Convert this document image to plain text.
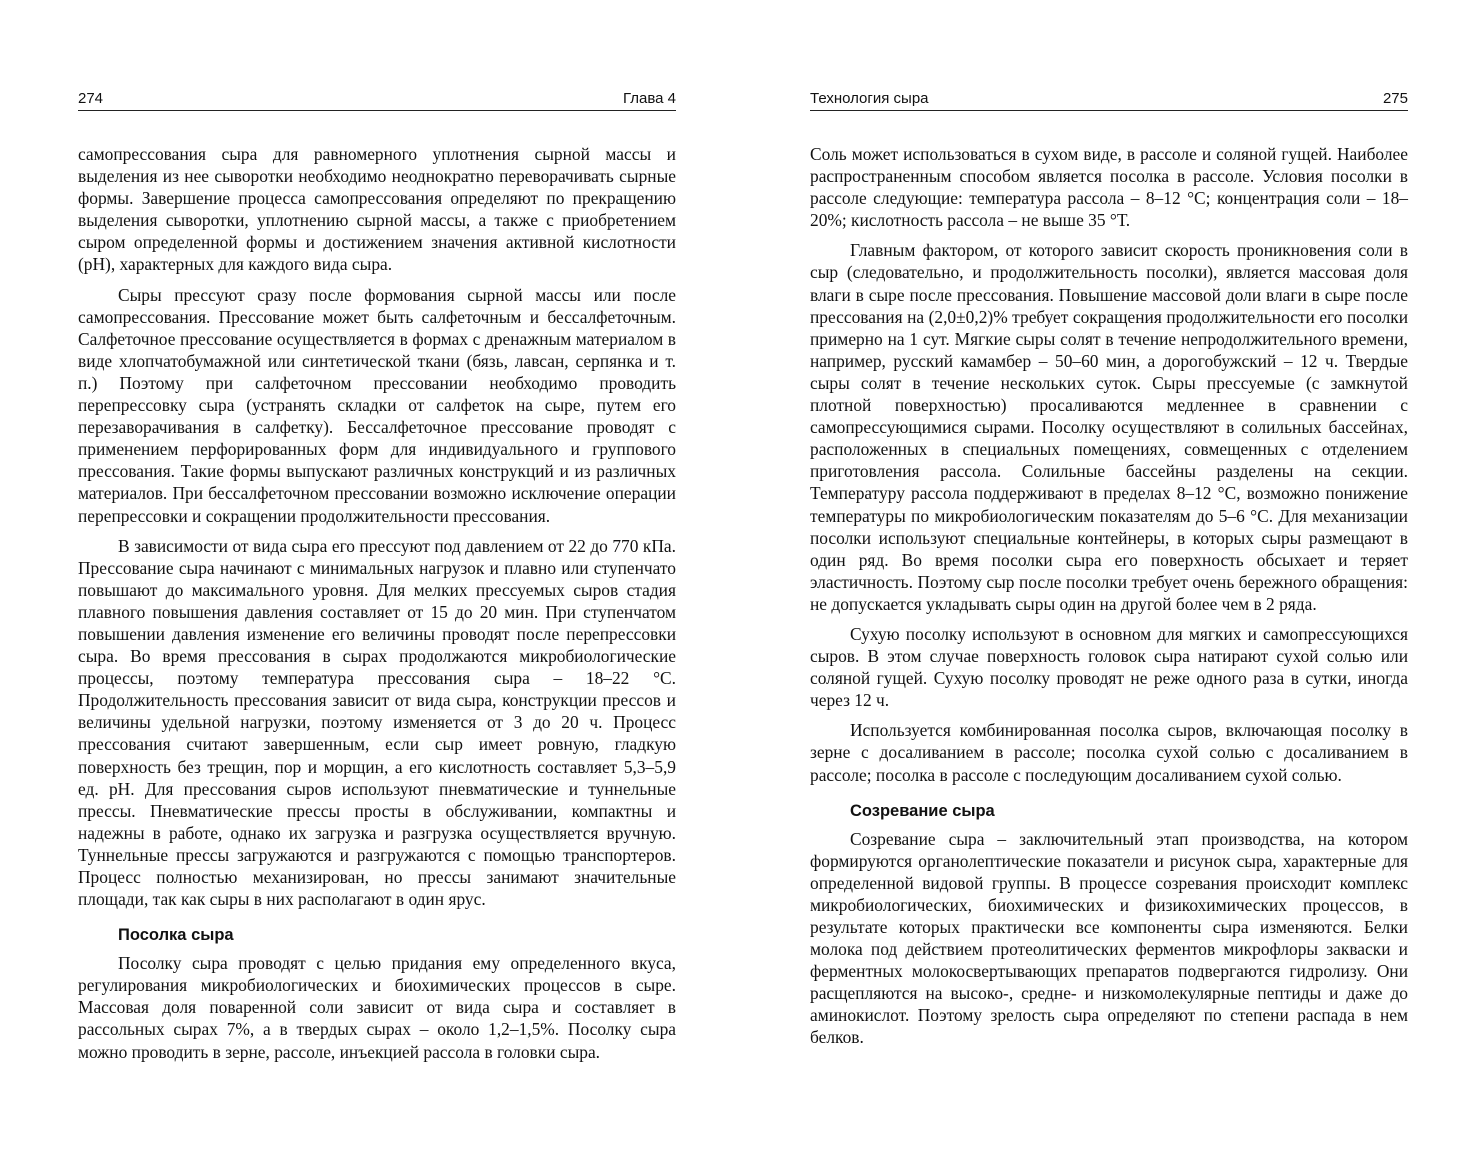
274	Глава 4

самопрессования сыра для равномерного уплотнения сырной массы и выделения из нее сыворотки необходимо неоднократно переворачивать сырные формы. Завершение процесса самопрессования определяют по прекращению выделения сыворотки, уплотнению сырной массы, а также с приобретением сыром определенной формы и достижением значения активной кислотности (pH), характерных для каждого вида сыра.

Сыры прессуют сразу после формования сырной массы или после самопрессования. Прессование может быть салфеточным и бессалфеточным. Салфеточное прессование осуществляется в формах с дренажным материалом в виде хлопчатобумажной или синтетической ткани (бязь, лавсан, серпянка и т. п.) Поэтому при салфеточном прессовании необходимо проводить перепрессовку сыра (устранять складки от салфеток на сыре, путем его перезаворачивания в салфетку). Бессалфеточное прессование проводят с применением перфорированных форм для индивидуального и группового прессования. Такие формы выпускают различных конструкций и из различных материалов. При бессалфеточном прессовании возможно исключение операции перепрессовки и сокращении продолжительности прессования.

В зависимости от вида сыра его прессуют под давлением от 22 до 770 кПа. Прессование сыра начинают с минимальных нагрузок и плавно или ступенчато повышают до максимального уровня. Для мелких прессуемых сыров стадия плавного повышения давления составляет от 15 до 20 мин. При ступенчатом повышении давления изменение его величины проводят после перепрессовки сыра. Во время прессования в сырах продолжаются микробиологические процессы, поэтому температура прессования сыра – 18–22 °С. Продолжительность прессования зависит от вида сыра, конструкции прессов и величины удельной нагрузки, поэтому изменяется от 3 до 20 ч. Процесс прессования считают завершенным, если сыр имеет ровную, гладкую поверхность без трещин, пор и морщин, а его кислотность составляет 5,3–5,9 ед. pH. Для прессования сыров используют пневматические и туннельные прессы. Пневматические прессы просты в обслуживании, компактны и надежны в работе, однако их загрузка и разгрузка осуществляется вручную. Туннельные прессы загружаются и разгружаются с помощью транспортеров. Процесс полностью механизирован, но прессы занимают значительные площади, так как сыры в них располагают в один ярус.

Посолка сыра

Посолку сыра проводят с целью придания ему определенного вкуса, регулирования микробиологических и биохимических процессов в сыре. Массовая доля поваренной соли зависит от вида сыра и составляет в рассольных сырах 7%, а в твердых сырах – около 1,2–1,5%. Посолку сыра можно проводить в зерне, рассоле, инъекцией рассола в головки сыра.

Технология сыра	275

Соль может использоваться в сухом виде, в рассоле и соляной гущей. Наиболее распространенным способом является посолка в рассоле. Условия посолки в рассоле следующие: температура рассола – 8–12 °С; концентрация соли – 18–20%; кислотность рассола – не выше 35 °Т.

Главным фактором, от которого зависит скорость проникновения соли в сыр (следовательно, и продолжительность посолки), является массовая доля влаги в сыре после прессования. Повышение массовой доли влаги в сыре после прессования на (2,0±0,2)% требует сокращения продолжительности его посолки примерно на 1 сут. Мягкие сыры солят в течение непродолжительного времени, например, русский камамбер – 50–60 мин, а дорогобужский – 12 ч. Твердые сыры солят в течение нескольких суток. Сыры прессуемые (с замкнутой плотной поверхностью) просаливаются медленнее в сравнении с самопрессующимися сырами. Посолку осуществляют в солильных бассейнах, расположенных в специальных помещениях, совмещенных с отделением приготовления рассола. Солильные бассейны разделены на секции. Температуру рассола поддерживают в пределах 8–12 °С, возможно понижение температуры по микробиологическим показателям до 5–6 °С. Для механизации посолки используют специальные контейнеры, в которых сыры размещают в один ряд. Во время посолки сыра его поверхность обсыхает и теряет эластичность. Поэтому сыр после посолки требует очень бережного обращения: не допускается укладывать сыры один на другой более чем в 2 ряда.

Сухую посолку используют в основном для мягких и самопрессующихся сыров. В этом случае поверхность головок сыра натирают сухой солью или соляной гущей. Сухую посолку проводят не реже одного раза в сутки, иногда через 12 ч.

Используется комбинированная посолка сыров, включающая посолку в зерне с досаливанием в рассоле; посолка сухой солью с досаливанием в рассоле; посолка в рассоле с последующим досаливанием сухой солью.

Созревание сыра

Созревание сыра – заключительный этап производства, на котором формируются органолептические показатели и рисунок сыра, характерные для определенной видовой группы. В процессе созревания происходит комплекс микробиологических, биохимических и физикохимических процессов, в результате которых практически все компоненты сыра изменяются. Белки молока под действием протеолитических ферментов микрофлоры закваски и ферментных молокосвертывающих препаратов подвергаются гидролизу. Они расщепляются на высоко-, средне- и низкомолекулярные пептиды и даже до аминокислот. Поэтому зрелость сыра определяют по степени распада в нем белков.
